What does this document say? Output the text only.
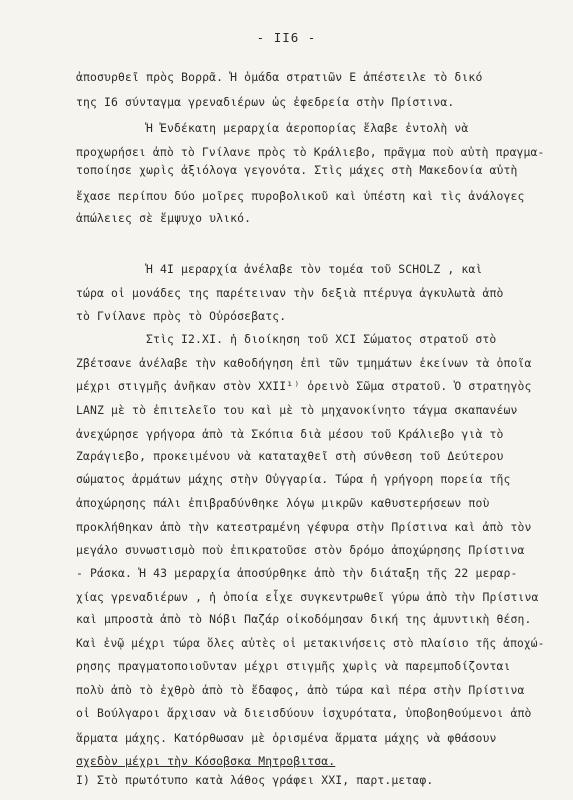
- II6 -
ἀποσυρθεῖ πρὸς Βορρᾶ. Ἡ ὁμάδα στρατιῶν Ε ἀπέστειλε τὸ δικό
της I6 σύνταγμα γρεναδιέρων ὡς ἐφεδρεία στὴν Πρίστινα.
Ἡ Ἐνδέκατη μεραρχία ἀεροπορίας ἔλαβε ἐντολὴ νὰ
προχωρήσει ἀπὸ τὸ Γνίλανε πρὸς τὸ Κράλιεβο, πρᾶγμα ποὺ αὐτὴ πραγμα-
τοποίησε χωρὶς ἀξιόλογα γεγονότα. Στὶς μάχες στὴ Μακεδονία αὐτὴ
ἔχασε περίπου δύο μοῖρες πυροβολικοῦ καὶ ὑπέστη καὶ τὶς ἀνάλογες
ἀπώλειες σὲ ἔμψυχο υλικό.
Ἡ 4I μεραρχία ἀνέλαβε τὸν τομέα τοῦ SCHOLZ , καὶ
τώρα οἱ μονάδες της παρέτειναν τὴν δεξιὰ πτέρυγα ἀγκυλωτὰ ἀπὸ
τὸ Γνίλανε πρὸς τὸ Οὐρόσεβατς.
Στὶς I2.XI. ἡ διοίκηση τοῦ XCI Σώματος στρατοῦ στὸ
Ζβέτσανε ἀνέλαβε τὴν καθοδήγηση ἐπὶ τῶν τμημάτων ἐκείνων τὰ ὁποῖα
μέχρι στιγμῆς ἀνῆκαν στὸν XXII¹⁾ ὀρεινὸ Σῶμα στρατοῦ. Ὁ στρατηγὸς
LANZ μὲ τὸ ἐπιτελεῖο του καὶ μὲ τὸ μηχανοκίνητο τάγμα σκαπανέων
ἀνεχώρησε γρήγορα ἀπὸ τὰ Σκόπια διὰ μέσου τοῦ Κράλιεβο γιὰ τὸ
Ζαράγιεβο, προκειμένου νὰ καταταχθεῖ στὴ σύνθεση τοῦ Δεύτερου
σώματος ἁρμάτων μάχης στὴν Οὐγγαρία. Τώρα ἡ γρήγορη πορεία τῆς
ἀποχώρησης πάλι ἐπιβραδύνθηκε λόγω μικρῶν καθυστερήσεων ποὺ
προκλήθηκαν ἀπὸ τὴν κατεστραμένη γέφυρα στὴν Πρίστινα καὶ ἀπὸ τὸν
μεγάλο συνωστισμὸ ποὺ ἐπικρατοῦσε στὸν δρόμο ἀποχώρησης Πρίστινα
- Ράσκα. Ἡ 43 μεραρχία ἀποσύρθηκε ἀπὸ τὴν διάταξη τῆς 22 μεραρ-
χίας γρεναδιέρων , ἡ ὁποία εἶχε συγκεντρωθεῖ γύρω ἀπὸ τὴν Πρίστινα
καὶ μπροστὰ ἀπὸ τὸ Νόβι Παζάρ οἰκοδόμησαν δική της ἀμυντικὴ θέση.
Καὶ ἐνῷ μέχρι τώρα ὅλες αὐτὲς οἱ μετακινήσεις στὸ πλαίσιο τῆς ἀποχώ-
ρησης πραγματοποιοῦνταν μέχρι στιγμῆς χωρὶς νὰ παρεμποδίζονται
πολὺ ἀπὸ τὸ ἐχθρὸ ἀπὸ τὸ ἔδαφος, ἀπὸ τώρα καὶ πέρα στὴν Πρίστινα
οἱ Βούλγαροι ἄρχισαν νὰ διεισδύουν ἰσχυρότατα, ὑποβοηθούμενοι ἀπὸ
ἅρματα μάχης. Κατόρθωσαν μὲ ὁρισμένα ἅρματα μάχης νὰ φθάσουν
σχεδὸν μέχρι τὴν Κόσοβσκα Μητροβιτσα.
I) Στὸ πρωτότυπο κατὰ λάθος γράφει XXI, παρτ.μεταφ.
